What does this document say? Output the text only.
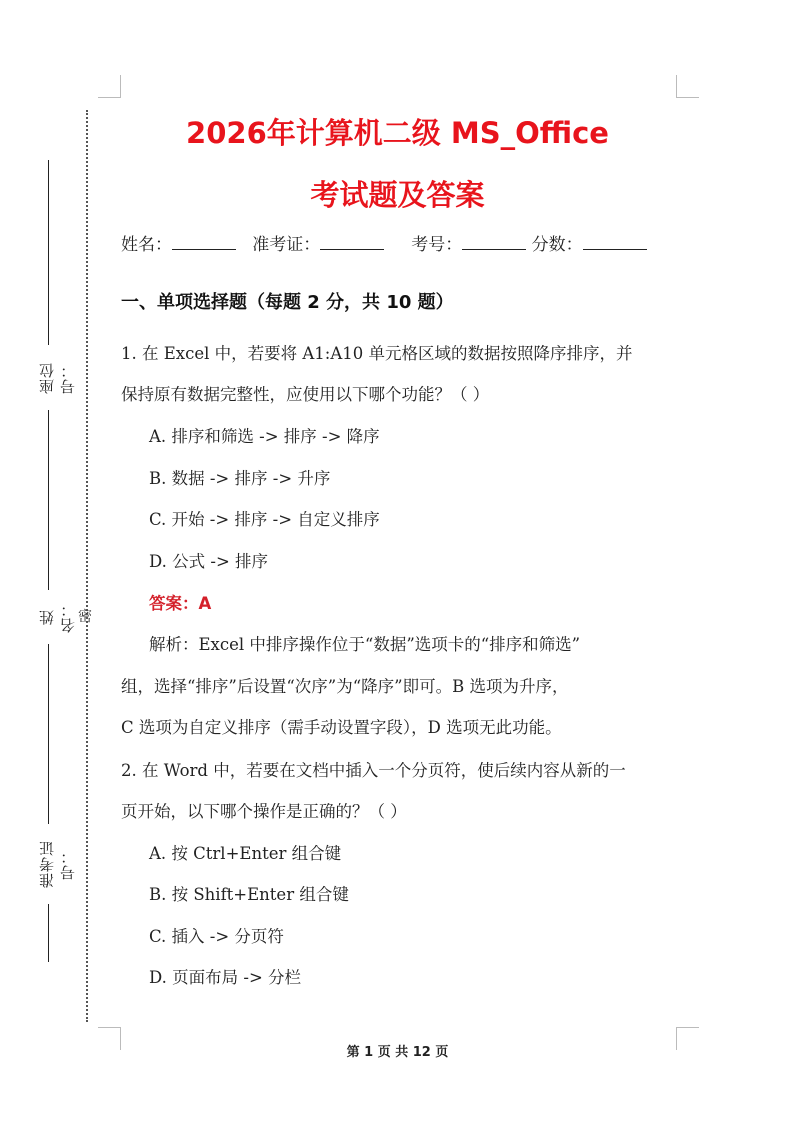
座位号：
姓名：
准考证号：
密
2026年计算机二级 MS_Office
考试题及答案
姓名：	准考证：	考号：	分数：
一、单项选择题（每题 2 分，共 10 题）
1. 在 Excel 中，若要将 A1:A10 单元格区域的数据按照降序排序，并
保持原有数据完整性，应使用以下哪个功能？（ ）
A. 排序和筛选 -> 排序 -> 降序
B. 数据 -> 排序 -> 升序
C. 开始 -> 排序 -> 自定义排序
D. 公式 -> 排序
答案：A
解析：Excel 中排序操作位于“数据”选项卡的“排序和筛选”
组，选择“排序”后设置“次序”为“降序”即可。B 选项为升序，
C 选项为自定义排序（需手动设置字段），D 选项无此功能。
2. 在 Word 中，若要在文档中插入一个分页符，使后续内容从新的一
页开始，以下哪个操作是正确的？（ ）
A. 按 Ctrl+Enter 组合键
B. 按 Shift+Enter 组合键
C. 插入 -> 分页符
D. 页面布局 -> 分栏
第 1 页 共 12 页
